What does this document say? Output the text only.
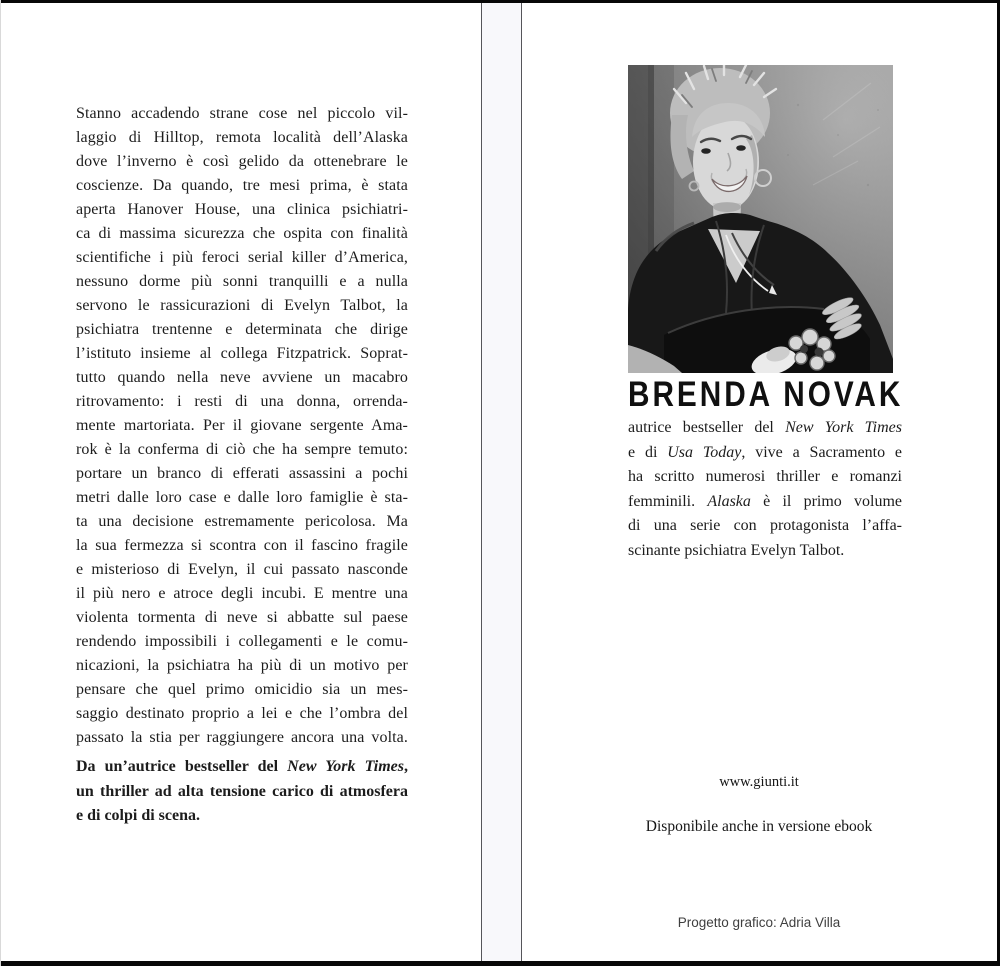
Stanno accadendo strane cose nel piccolo vil-
laggio di Hilltop, remota località dell’Alaska
dove l’inverno è così gelido da ottenebrare le
coscienze. Da quando, tre mesi prima, è stata
aperta Hanover House, una clinica psichiatri-
ca di massima sicurezza che ospita con finalità
scientifiche i più feroci serial killer d’America,
nessuno dorme più sonni tranquilli e a nulla
servono le rassicurazioni di Evelyn Talbot, la
psichiatra trentenne e determinata che dirige
l’istituto insieme al collega Fitzpatrick. Soprat-
tutto quando nella neve avviene un macabro
ritrovamento: i resti di una donna, orrenda-
mente martoriata. Per il giovane sergente Ama-
rok è la conferma di ciò che ha sempre temuto:
portare un branco di efferati assassini a pochi
metri dalle loro case e dalle loro famiglie è sta-
ta una decisione estremamente pericolosa. Ma
la sua fermezza si scontra con il fascino fragile
e misterioso di Evelyn, il cui passato nasconde
il più nero e atroce degli incubi. E mentre una
violenta tormenta di neve si abbatte sul paese
rendendo impossibili i collegamenti e le comu-
nicazioni, la psichiatra ha più di un motivo per
pensare che quel primo omicidio sia un mes-
saggio destinato proprio a lei e che l’ombra del
passato la stia per raggiungere ancora una volta.
Da un’autrice bestseller del New York Times,
un thriller ad alta tensione carico di atmosfera
e di colpi di scena.
BRENDA NOVAK
autrice bestseller del New York Times
e di Usa Today, vive a Sacramento e
ha scritto numerosi thriller e romanzi
femminili. Alaska è il primo volume
di una serie con protagonista l’affa-
scinante psichiatra Evelyn Talbot.
www.giunti.it
Disponibile anche in versione ebook
Progetto grafico: Adria Villa
